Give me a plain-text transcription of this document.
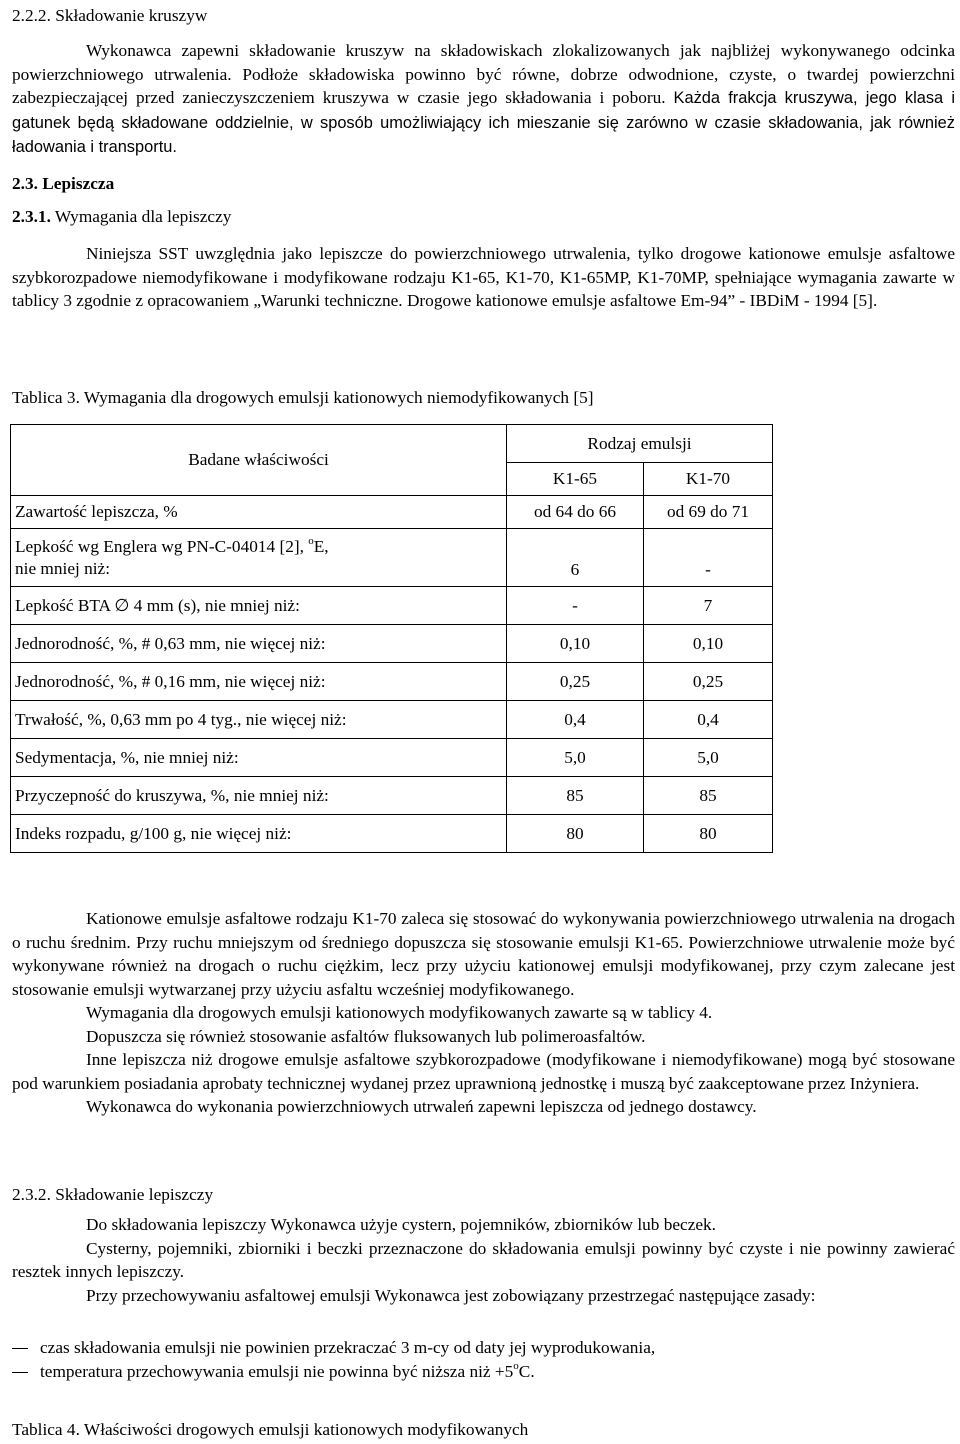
2.2.2. Składowanie kruszyw

Wykonawca zapewni składowanie kruszyw na składowiskach zlokalizowanych jak najbliżej wykonywanego odcinka powierzchniowego utrwalenia. Podłoże składowiska powinno być równe, dobrze odwodnione, czyste, o twardej powierzchni zabezpieczającej przed zanieczyszczeniem kruszywa w czasie jego składowania i poboru. Każda frakcja kruszywa, jego klasa i gatunek będą składowane oddzielnie, w sposób umożliwiający ich mieszanie się zarówno w czasie składowania, jak również ładowania i transportu.

2.3. Lepiszcza
2.3.1. Wymagania dla lepiszczy

Niniejsza SST uwzględnia jako lepiszcze do powierzchniowego utrwalenia, tylko drogowe kationowe emulsje asfaltowe szybkorozpadowe niemodyfikowane i modyfikowane rodzaju K1-65, K1-70, K1-65MP, K1-70MP, spełniające wymagania zawarte w tablicy 3 zgodnie z opracowaniem „Warunki techniczne. Drogowe kationowe emulsje asfaltowe Em-94” - IBDiM - 1994 [5].

Tablica 3. Wymagania dla drogowych emulsji kationowych niemodyfikowanych [5]
Badane właściwości	Rodzaj emulsji	
	K1-65	K1-70
Zawartość lepiszcza, %	od 64 do 66	od 69 do 71
Lepkość wg Englera wg PN-C-04014 [2], $^o$E,
nie mniej niż:	6	-
Lepkość BTA ∅ 4 mm (s), nie mniej niż:	-	7
Jednorodność, %, # 0,63 mm, nie więcej niż:	0,10	0,10
Jednorodność, %, # 0,16 mm, nie więcej niż:	0,25	0,25
Trwałość, %, 0,63 mm po 4 tyg., nie więcej niż:	0,4	0,4
Sedymentacja, %, nie mniej niż:	5,0	5,0
Przyczepność do kruszywa, %, nie mniej niż:	85	85
Indeks rozpadu, g/100 g, nie więcej niż:	80	80

Kationowe emulsje asfaltowe rodzaju K1-70 zaleca się stosować do wykonywania powierzchniowego utrwalenia na drogach o ruchu średnim. Przy ruchu mniejszym od średniego dopuszcza się stosowanie emulsji K1-65. Powierzchniowe utrwalenie może być wykonywane również na drogach o ruchu ciężkim, lecz przy użyciu kationowej emulsji modyfikowanej, przy czym zalecane jest stosowanie emulsji wytwarzanej przy użyciu asfaltu wcześniej modyfikowanego.

Wymagania dla drogowych emulsji kationowych modyfikowanych zawarte są w tablicy 4.

Dopuszcza się również stosowanie asfaltów fluksowanych lub polimeroasfaltów.

Inne lepiszcza niż drogowe emulsje asfaltowe szybkorozpadowe (modyfikowane i niemodyfikowane) mogą być stosowane pod warunkiem posiadania aprobaty technicznej wydanej przez uprawnioną jednostkę i muszą być zaakceptowane przez Inżyniera.

Wykonawca do wykonania powierzchniowych utrwaleń zapewni lepiszcza od jednego dostawcy.

2.3.2. Składowanie lepiszczy

Do składowania lepiszczy Wykonawca użyje cystern, pojemników, zbiorników lub beczek.

Cysterny, pojemniki, zbiorniki i beczki przeznaczone do składowania emulsji powinny być czyste i nie powinny zawierać resztek innych lepiszczy.

Przy przechowywaniu asfaltowej emulsji Wykonawca jest zobowiązany przestrzegać następujące zasady:

czas składowania emulsji nie powinien przekraczać 3 m-cy od daty jej wyprodukowania,
temperatura przechowywania emulsji nie powinna być niższa niż $+5^oC$.
Tablica 4. Właściwości drogowych emulsji kationowych modyfikowanych
